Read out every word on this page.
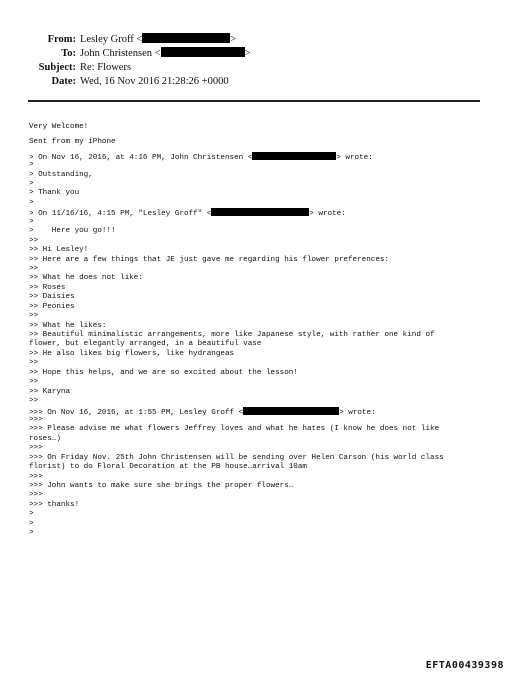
From: Lesley Groff <	>
To: John Christensen <	>
Subject: Re: Flowers
Date: Wed, 16 Nov 2016 21:28:26 +0000

Very Welcome!
Sent from my iPhone
> On Nov 16, 2016, at 4:16 PM, John Christensen <	> wrote:
>
> Outstanding,
>
> Thank you
>
> On 11/16/16, 4:15 PM, "Lesley Groff" <	> wrote:
>
>    Here you go!!!
>>
>> Hi Lesley!
>> Here are a few things that JE just gave me regarding his flower preferences:
>>
>> What he does not like:
>> Roses
>> Daisies
>> Peonies
>>
>> What he likes:
>> Beautiful minimalistic arrangements, more like Japanese style, with rather one kind of
flower, but elegantly arranged, in a beautiful vase
>> He also likes big flowers, like hydrangeas
>>
>> Hope this helps, and we are so excited about the lesson!
>>
>> Karyna
>>
>>> On Nov 16, 2016, at 1:55 PM, Lesley Groff <	> wrote:
>>>
>>> Please advise me what flowers Jeffrey loves and what he hates (I know he does not like
roses…)
>>>
>>> On Friday Nov. 25th John Christensen will be sending over Helen Carson (his world class
florist) to do Floral Decoration at the PB house…arrival 10am
>>>
>>> John wants to make sure she brings the proper flowers…
>>>
>>> thanks!
>
>
>

EFTA00439398
